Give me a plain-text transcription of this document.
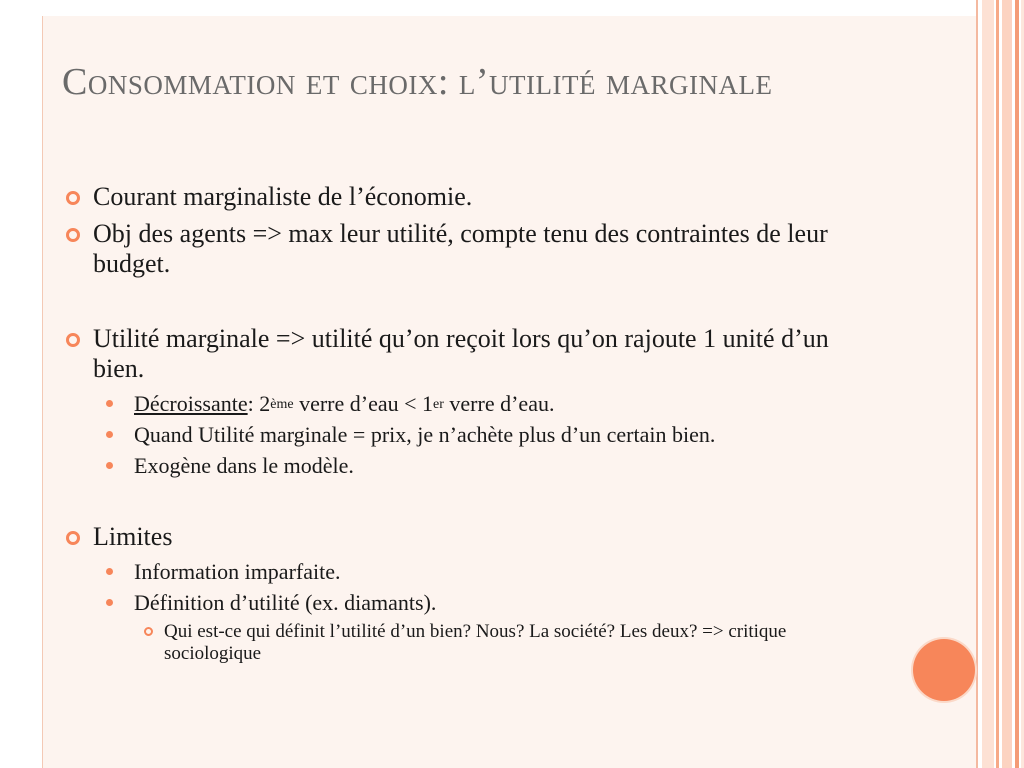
Consommation et choix: l’utilité marginale
Courant marginaliste de l’économie.
Obj des agents => max leur utilité, compte tenu des contraintes de leur budget.
Utilité marginale => utilité qu’on reçoit lors qu’on rajoute 1 unité d’un bien.
Décroissante: 2ème verre d’eau < 1er verre d’eau.
Quand Utilité marginale = prix, je n’achète plus d’un certain bien.
Exogène dans le modèle.
Limites
Information imparfaite.
Définition d’utilité (ex. diamants).
Qui est-ce qui définit l’utilité d’un bien? Nous? La société? Les deux? => critique sociologique
